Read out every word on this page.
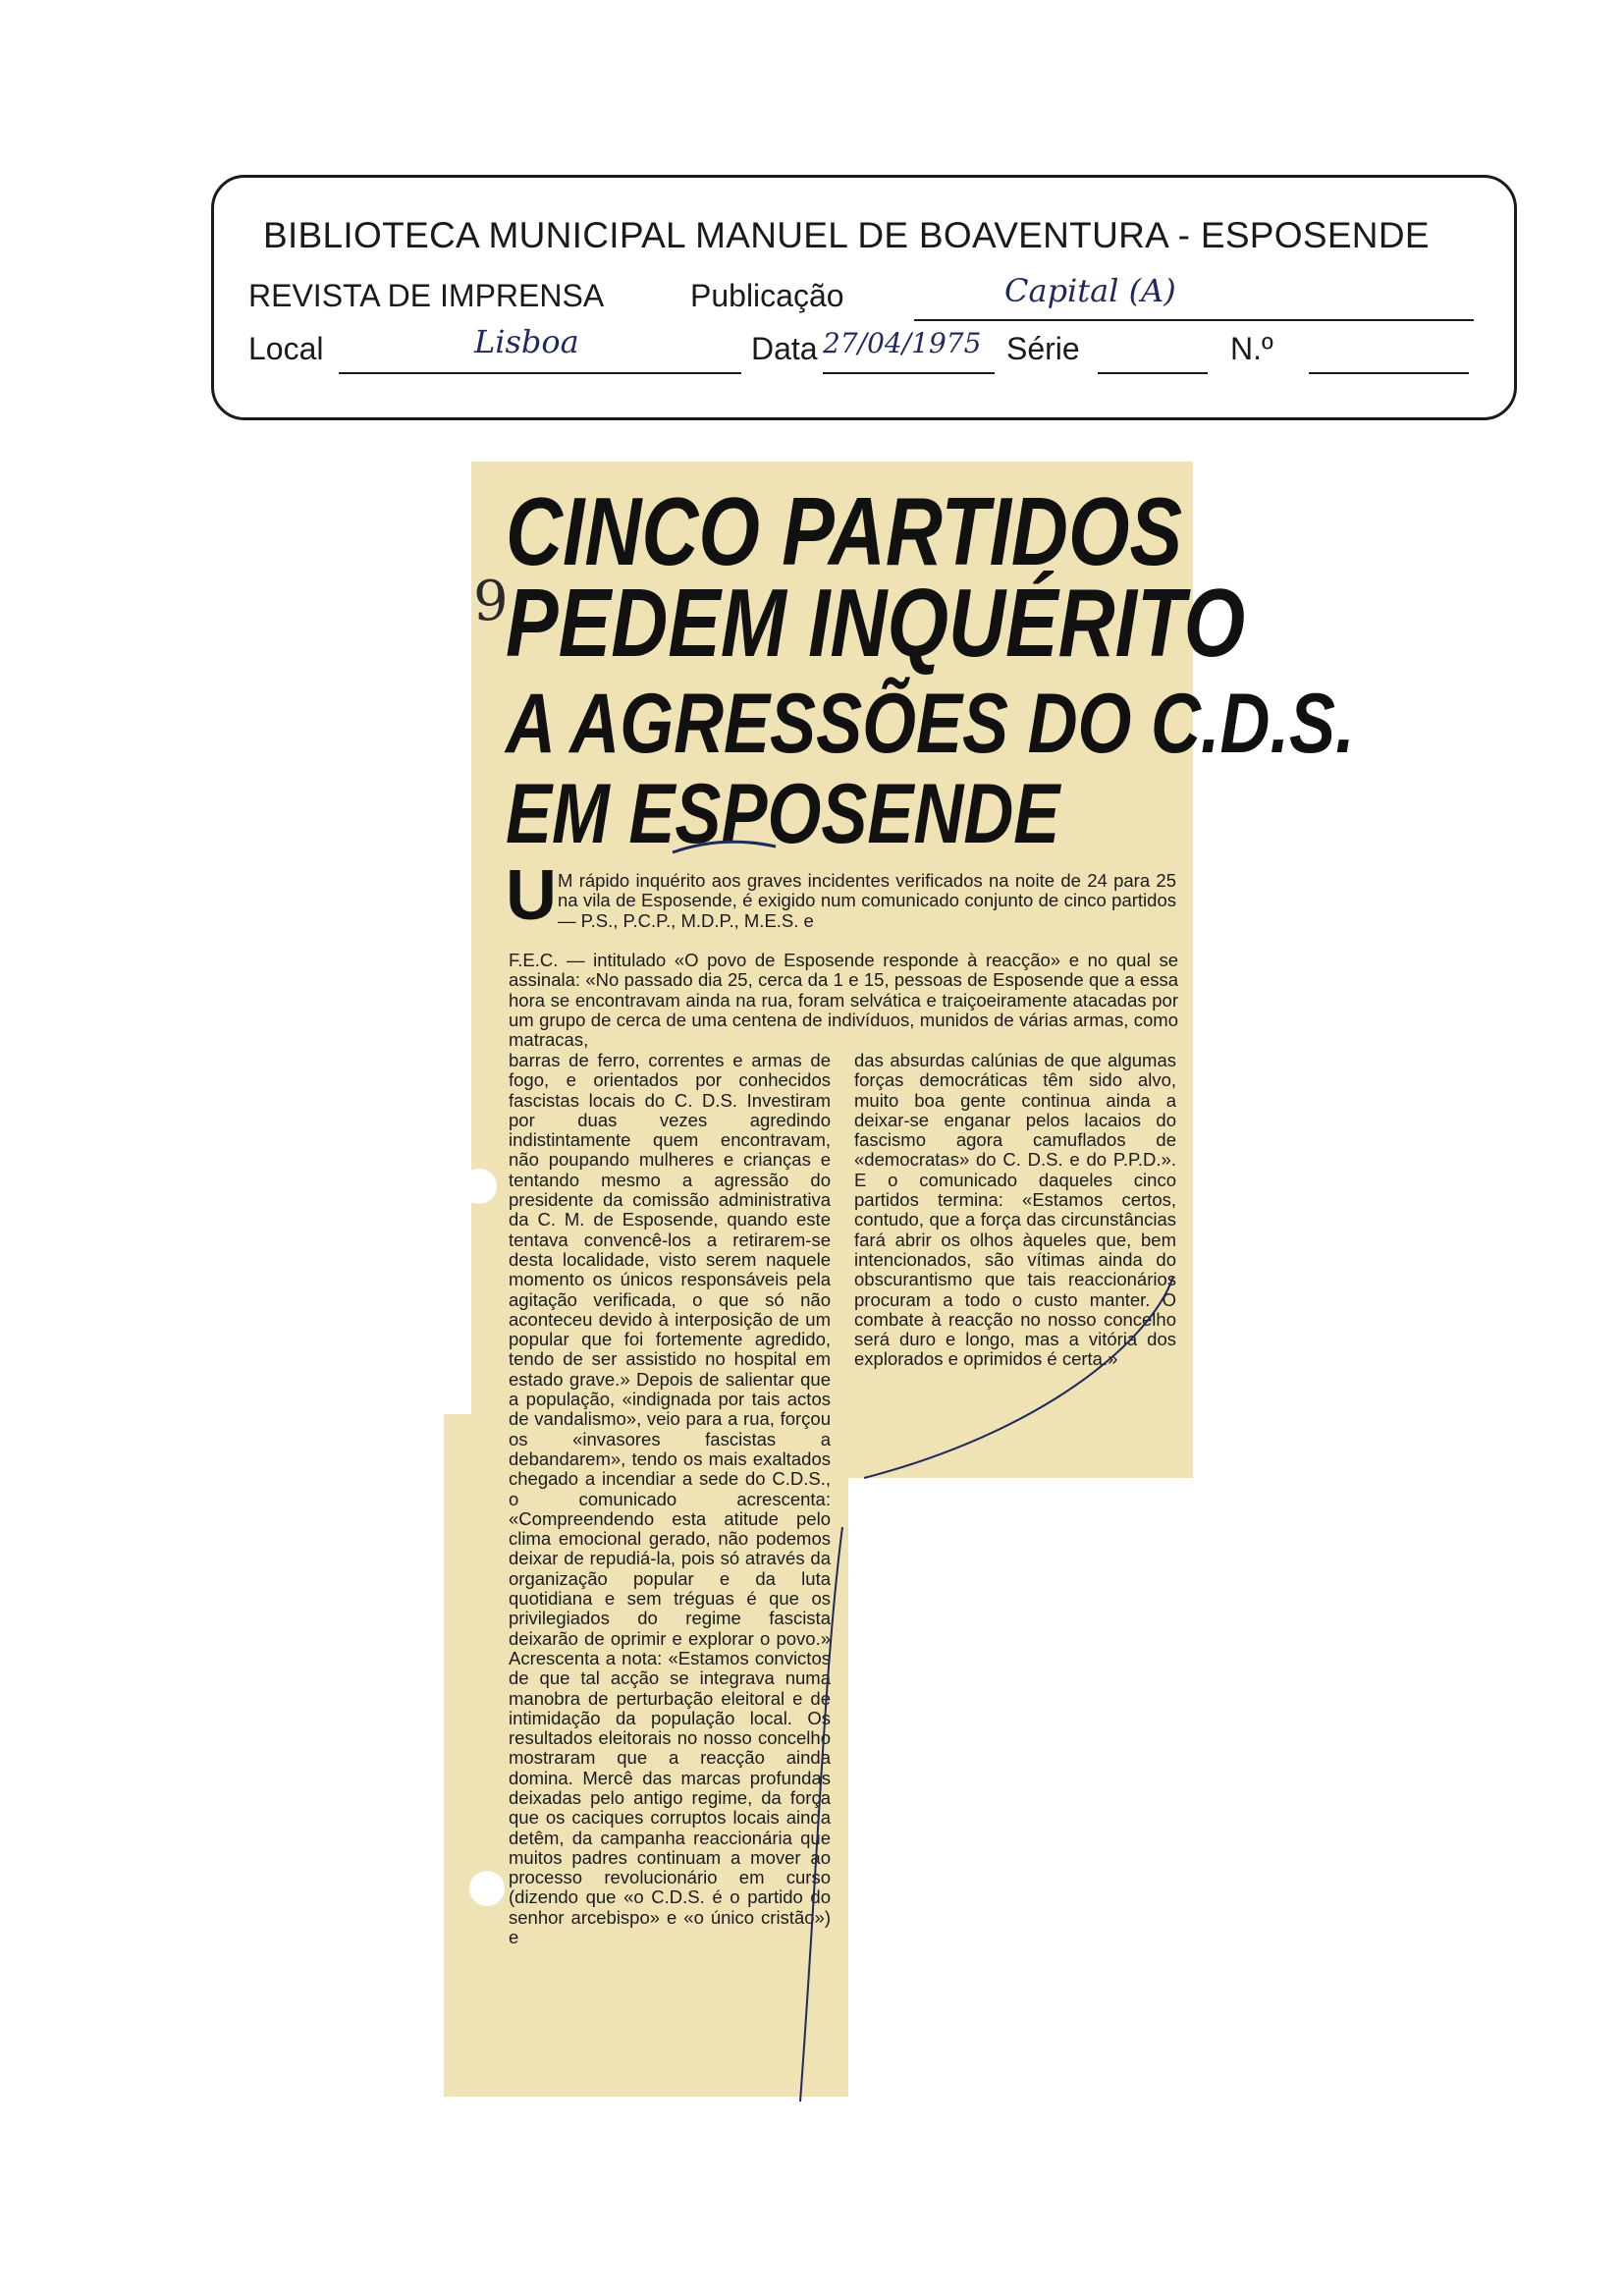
BIBLIOTECA MUNICIPAL MANUEL DE BOAVENTURA - ESPOSENDE
REVISTA DE IMPRENSA	Publicação	Capital (A)
Local	Lisboa	Data 27/04/1975 Série	N.º
9
CINCO PARTIDOS
PEDEM INQUÉRITO
A AGRESSÕES DO C.D.S.
EM ESPOSENDE
U M rápido inquérito aos graves incidentes verificados na noite de 24 para 25 na vila de Esposende, é exigido num comunicado conjunto de cinco partidos — P.S., P.C.P., M.D.P., M.E.S. e
F.E.C. — intitulado «O povo de Esposende responde à reacção» e no qual se assinala: «No passado dia 25, cerca da 1 e 15, pessoas de Esposende que a essa hora se encontravam ainda na rua, foram selvática e traiçoeiramente atacadas por um grupo de cerca de uma centena de indivíduos, munidos de várias armas, como matracas,
barras de ferro, correntes e armas de fogo, e orientados por conhecidos fascistas locais do C. D.S. Investiram por duas vezes agredindo indistintamente quem encontravam, não poupando mulheres e crianças e tentando mesmo a agressão do presidente da comissão administrativa da C. M. de Esposende, quando este tentava convencê-los a retirarem-se desta localidade, visto serem naquele momento os únicos responsáveis pela agitação verificada, o que só não aconteceu devido à interposição de um popular que foi fortemente agredido, tendo de ser assistido no hospital em estado grave.» Depois de salientar que a população, «indignada por tais actos de vandalismo», veio para a rua, forçou os «invasores fascistas a debandarem», tendo os mais exaltados chegado a incendiar a sede do C.D.S., o comunicado acrescenta: «Compreendendo esta atitude pelo clima emocional gerado, não podemos deixar de repudiá-la, pois só através da organização popular e da luta quotidiana e sem tréguas é que os privilegiados do regime fascista deixarão de oprimir e explorar o povo.» Acrescenta a nota: «Estamos convictos de que tal acção se integrava numa manobra de perturbação eleitoral e de intimidação da população local. Os resultados eleitorais no nosso concelho mostraram que a reacção ainda domina. Mercê das marcas profundas deixadas pelo antigo regime, da força que os caciques corruptos locais ainda detêm, da campanha reaccionária que muitos padres continuam a mover ao processo revolucionário em curso (dizendo que «o C.D.S. é o partido do senhor arcebispo» e «o único cristão») e
das absurdas calúnias de que algumas forças democráticas têm sido alvo, muito boa gente continua ainda a deixar-se enganar pelos lacaios do fascismo agora camuflados de «democratas» do C. D.S. e do P.P.D.». E o comunicado daqueles cinco partidos termina: «Estamos certos, contudo, que a força das circunstâncias fará abrir os olhos àqueles que, bem intencionados, são vítimas ainda do obscurantismo que tais reaccionários procuram a todo o custo manter. O combate à reacção no nosso concelho será duro e longo, mas a vitória dos explorados e oprimidos é certa.»
